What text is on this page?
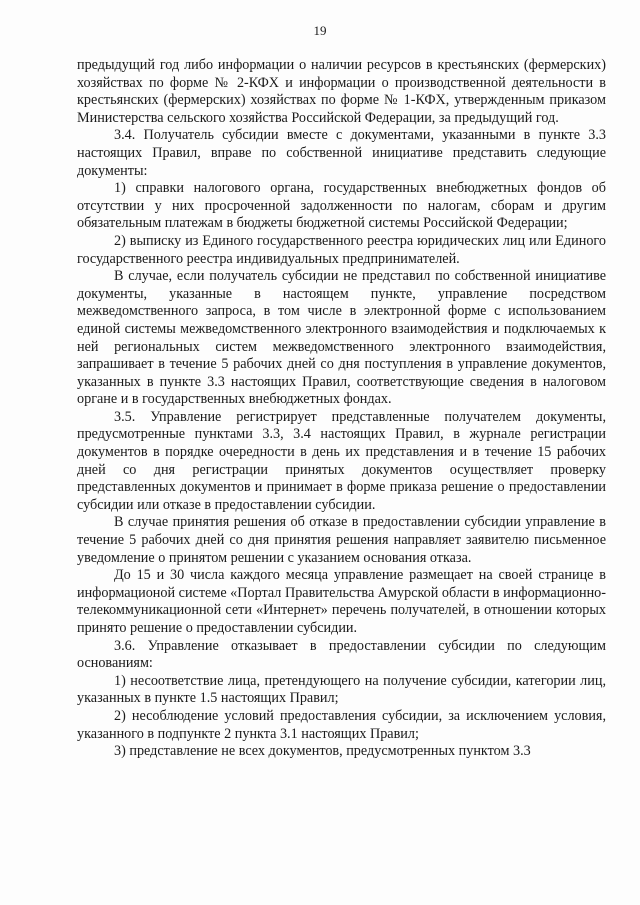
19

предыдущий год либо информации о наличии ресурсов в крестьянских (фермерских) хозяйствах по форме № 2-КФХ и информации о производственной деятельности в крестьянских (фермерских) хозяйствах по форме № 1-КФХ, утвержденным приказом Министерства сельского хозяйства Российской Федерации, за предыдущий год.

3.4. Получатель субсидии вместе с документами, указанными в пункте 3.3 настоящих Правил, вправе по собственной инициативе представить следующие документы:

1) справки налогового органа, государственных внебюджетных фондов об отсутствии у них просроченной задолженности по налогам, сборам и другим обязательным платежам в бюджеты бюджетной системы Российской Федерации;

2) выписку из Единого государственного реестра юридических лиц или Единого государственного реестра индивидуальных предпринимателей.

В случае, если получатель субсидии не представил по собственной инициативе документы, указанные в настоящем пункте, управление посредством межведомственного запроса, в том числе в электронной форме с использованием единой системы межведомственного электронного взаимодействия и подключаемых к ней региональных систем межведомственного электронного взаимодействия, запрашивает в течение 5 рабочих дней со дня поступления в управление документов, указанных в пункте 3.3 настоящих Правил, соответствующие сведения в налоговом органе и в государственных внебюджетных фондах.

3.5. Управление регистрирует представленные получателем документы, предусмотренные пунктами 3.3, 3.4 настоящих Правил, в журнале регистрации документов в порядке очередности в день их представления и в течение 15 рабочих дней со дня регистрации принятых документов осуществляет проверку представленных документов и принимает в форме приказа решение о предоставлении субсидии или отказе в предоставлении субсидии.

В случае принятия решения об отказе в предоставлении субсидии управление в течение 5 рабочих дней со дня принятия решения направляет заявителю письменное уведомление о принятом решении с указанием основания отказа.

До 15 и 30 числа каждого месяца управление размещает на своей странице в информационой системе «Портал Правительства Амурской области в информационно-телекоммуникационной сети «Интернет» перечень получателей, в отношении которых принято решение о предоставлении субсидии.

3.6. Управление отказывает в предоставлении субсидии по следующим основаниям:

1) несоответствие лица, претендующего на получение субсидии, категории лиц, указанных в пункте 1.5 настоящих Правил;

2) несоблюдение условий предоставления субсидии, за исключением условия, указанного в подпункте 2 пункта 3.1 настоящих Правил;

3) представление не всех документов, предусмотренных пунктом 3.3
